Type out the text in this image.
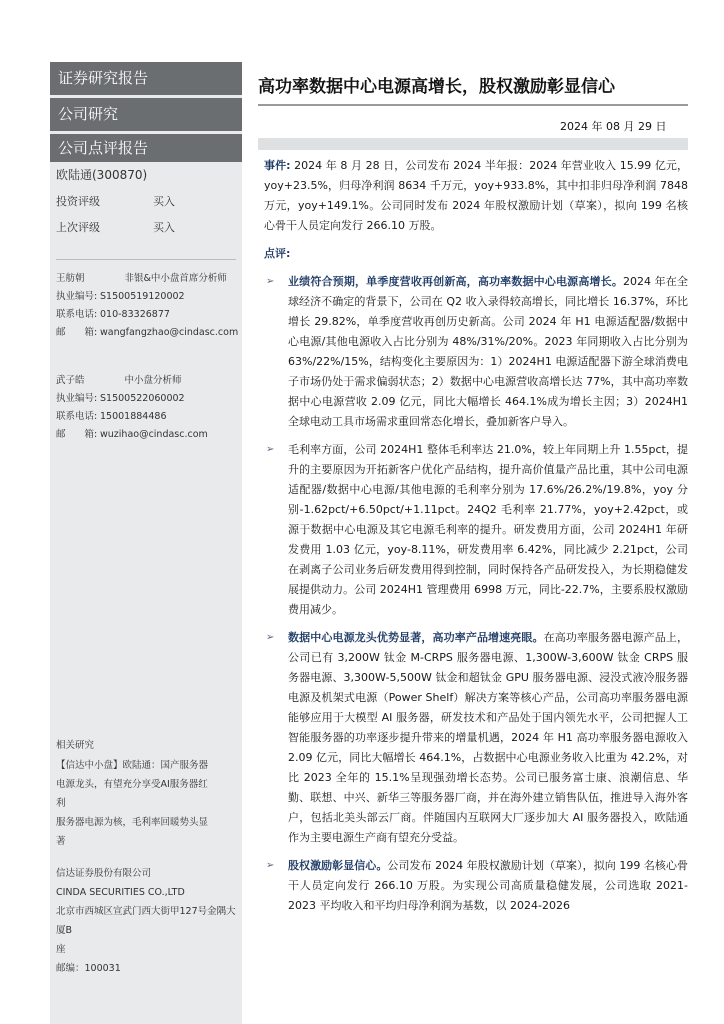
证券研究报告
公司研究
公司点评报告
欧陆通(300870)
投资评级	买入
上次评级	买入
王舫朝	非银&中小盘首席分析师
执业编号: S1500519120002
联系电话: 010-83326877
邮　　箱: wangfangzhao@cindasc.com
武子皓	中小盘分析师
执业编号: S1500522060002
联系电话: 15001884486
邮　　箱: wuzihao@cindasc.com
相关研究
【信达中小盘】欧陆通：国产服务器
电源龙头，有望充分享受AI服务器红
利
服务器电源为核，毛利率回暖势头显
著
信达证券股份有限公司
CINDA SECURITIES CO.,LTD
北京市西城区宣武门西大街甲127号金隅大厦B
座
邮编：100031
高功率数据中心电源高增长，股权激励彰显信心
2024 年 08 月 29 日
事件: 2024 年 8 月 28 日，公司发布 2024 半年报：2024 年营业收入 15.99 亿元，yoy+23.5%，归母净利润 8634 千万元，yoy+933.8%，其中扣非归母净利润 7848 万元，yoy+149.1%。公司同时发布 2024 年股权激励计划（草案），拟向 199 名核心骨干人员定向发行 266.10 万股。
点评:
➢ 业绩符合预期，单季度营收再创新高，高功率数据中心电源高增长。2024 年在全球经济不确定的背景下，公司在 Q2 收入录得较高增长，同比增长 16.37%，环比增长 29.82%，单季度营收再创历史新高。公司 2024 年 H1 电源适配器/数据中心电源/其他电源收入占比分别为 48%/31%/20%。2023 年同期收入占比分别为 63%/22%/15%，结构变化主要原因为：1）2024H1 电源适配器下游全球消费电子市场仍处于需求偏弱状态；2）数据中心电源营收高增长达 77%，其中高功率数据中心电源营收 2.09 亿元，同比大幅增长 464.1%成为增长主因；3）2024H1 全球电动工具市场需求重回常态化增长，叠加新客户导入。
➢ 毛利率方面，公司 2024H1 整体毛利率达 21.0%，较上年同期上升 1.55pct，提升的主要原因为开拓新客户优化产品结构，提升高价值量产品比重，其中公司电源适配器/数据中心电源/其他电源的毛利率分别为 17.6%/26.2%/19.8%，yoy 分别-1.62pct/+6.50pct/+1.11pct。24Q2 毛利率 21.77%，yoy+2.42pct，或源于数据中心电源及其它电源毛利率的提升。研发费用方面，公司 2024H1 年研发费用 1.03 亿元，yoy-8.11%，研发费用率 6.42%，同比减少 2.21pct，公司在剥离子公司业务后研发费用得到控制，同时保持各产品研发投入，为长期稳健发展提供动力。公司 2024H1 管理费用 6998 万元，同比-22.7%，主要系股权激励费用减少。
➢ 数据中心电源龙头优势显著，高功率产品增速亮眼。在高功率服务器电源产品上，公司已有 3,200W 钛金 M-CRPS 服务器电源、1,300W-3,600W 钛金 CRPS 服务器电源、3,300W-5,500W 钛金和超钛金 GPU 服务器电源、浸没式液冷服务器电源及机架式电源（Power Shelf）解决方案等核心产品，公司高功率服务器电源能够应用于大模型 AI 服务器，研发技术和产品处于国内领先水平，公司把握人工智能服务器的功率逐步提升带来的增量机遇，2024 年 H1 高功率服务器电源收入 2.09 亿元，同比大幅增长 464.1%，占数据中心电源业务收入比重为 42.2%，对比 2023 全年的 15.1%呈现强劲增长态势。公司已服务富士康、浪潮信息、华勤、联想、中兴、新华三等服务器厂商，并在海外建立销售队伍，推进导入海外客户，包括北美头部云厂商。伴随国内互联网大厂逐步加大 AI 服务器投入，欧陆通作为主要电源生产商有望充分受益。
➢ 股权激励彰显信心。公司发布 2024 年股权激励计划（草案），拟向 199 名核心骨干人员定向发行 266.10 万股。为实现公司高质量稳健发展，公司选取 2021-2023 平均收入和平均归母净利润为基数，以 2024-2026
